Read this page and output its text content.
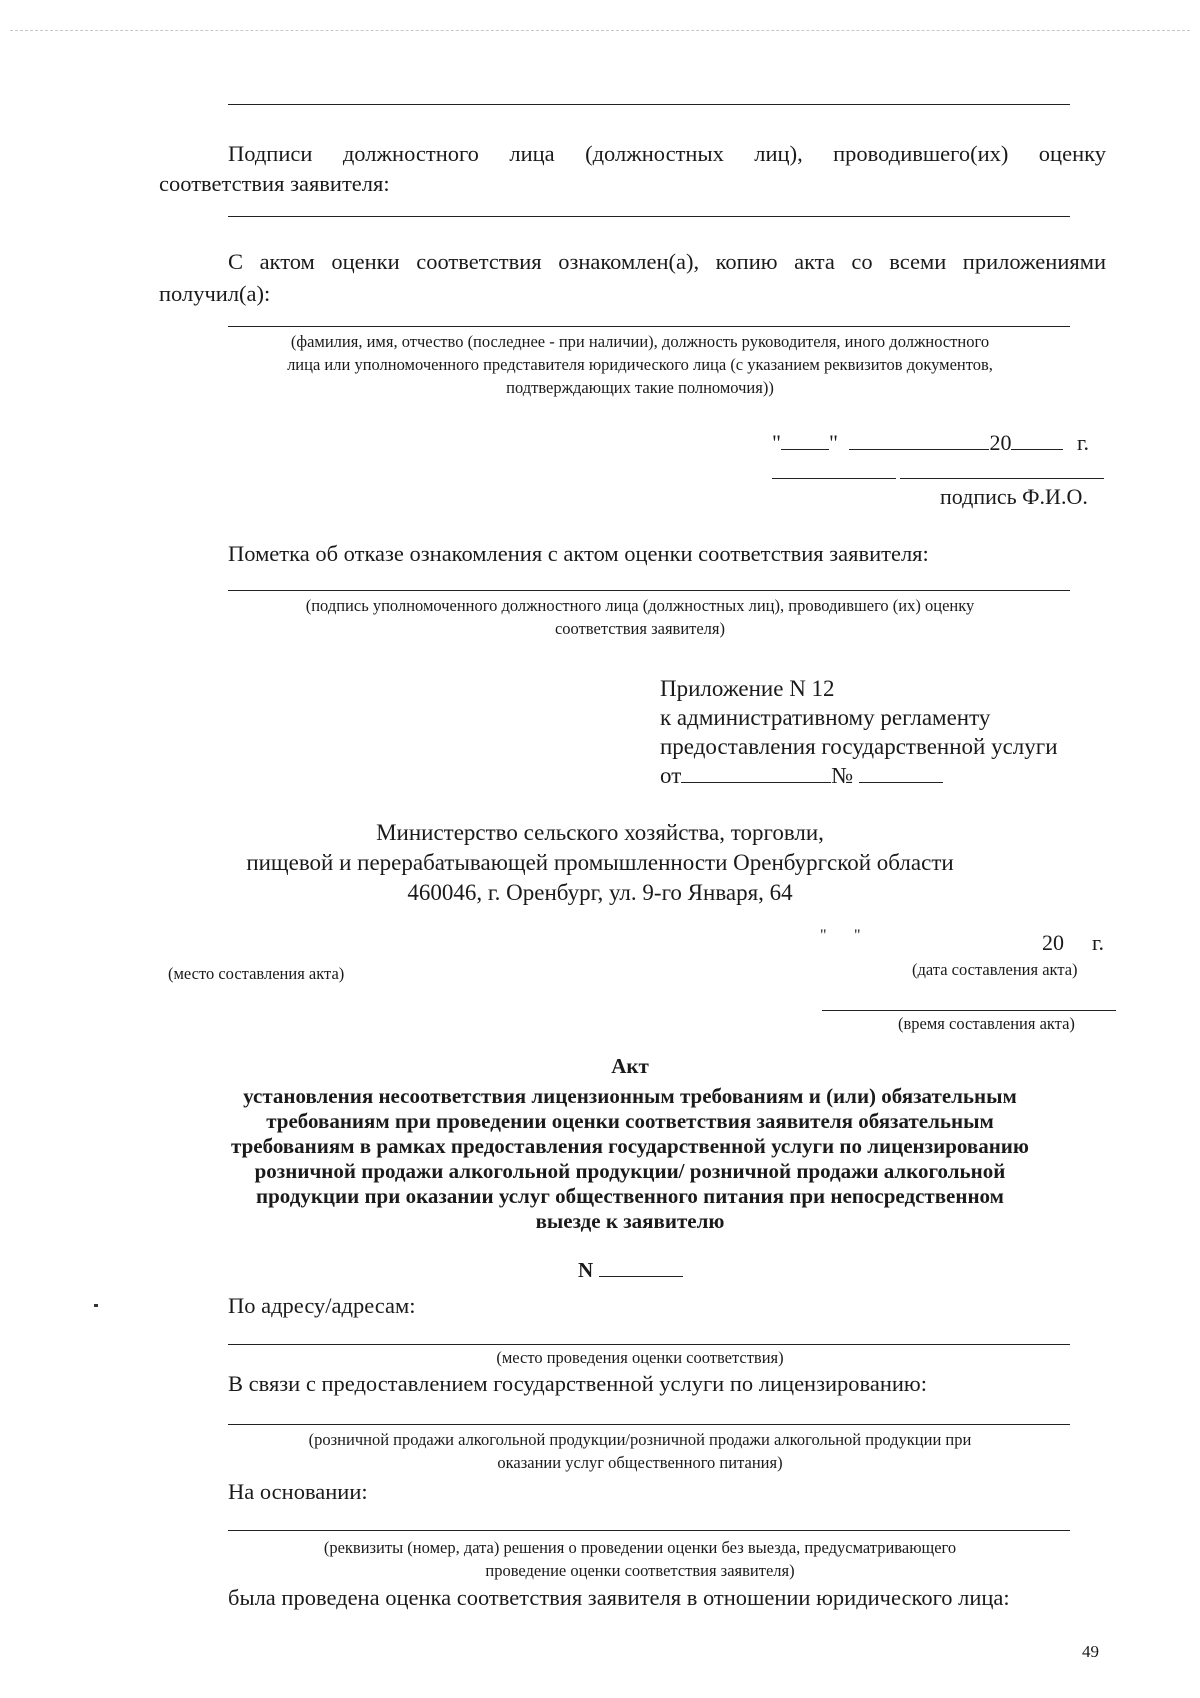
Подписи должностного лица (должностных лиц), проводившего(их) оценку
соответствия заявителя:
С актом оценки соответствия ознакомлен(а), копию акта со всеми приложениями
получил(а):
(фамилия, имя, отчество (последнее - при наличии), должность руководителя, иного должностного
лица или уполномоченного представителя юридического лица (с указанием реквизитов документов,
подтверждающих такие полномочия))
" "	20	г.
подпись Ф.И.О.
Пометка об отказе ознакомления с актом оценки соответствия заявителя:
(подпись уполномоченного должностного лица (должностных лиц), проводившего (их) оценку
соответствия заявителя)
Приложение N 12
к административному регламенту
предоставления государственной услуги
от	№
Министерство сельского хозяйства, торговли,
пищевой и перерабатывающей промышленности Оренбургской области
460046, г. Оренбург, ул. 9-го Января, 64
" "	20 г.
(место составления акта)	(дата составления акта)
(время составления акта)
Акт
установления несоответствия лицензионным требованиям и (или) обязательным
требованиям при проведении оценки соответствия заявителя обязательным
требованиям в рамках предоставления государственной услуги по лицензированию
розничной продажи алкогольной продукции/ розничной продажи алкогольной
продукции при оказании услуг общественного питания при непосредственном
выезде к заявителю
N
По адресу/адресам:
(место проведения оценки соответствия)
В связи с предоставлением государственной услуги по лицензированию:
(розничной продажи алкогольной продукции/розничной продажи алкогольной продукции при
оказании услуг общественного питания)
На основании:
(реквизиты (номер, дата) решения о проведении оценки без выезда, предусматривающего
проведение оценки соответствия заявителя)
была проведена оценка соответствия заявителя в отношении юридического лица:
49
